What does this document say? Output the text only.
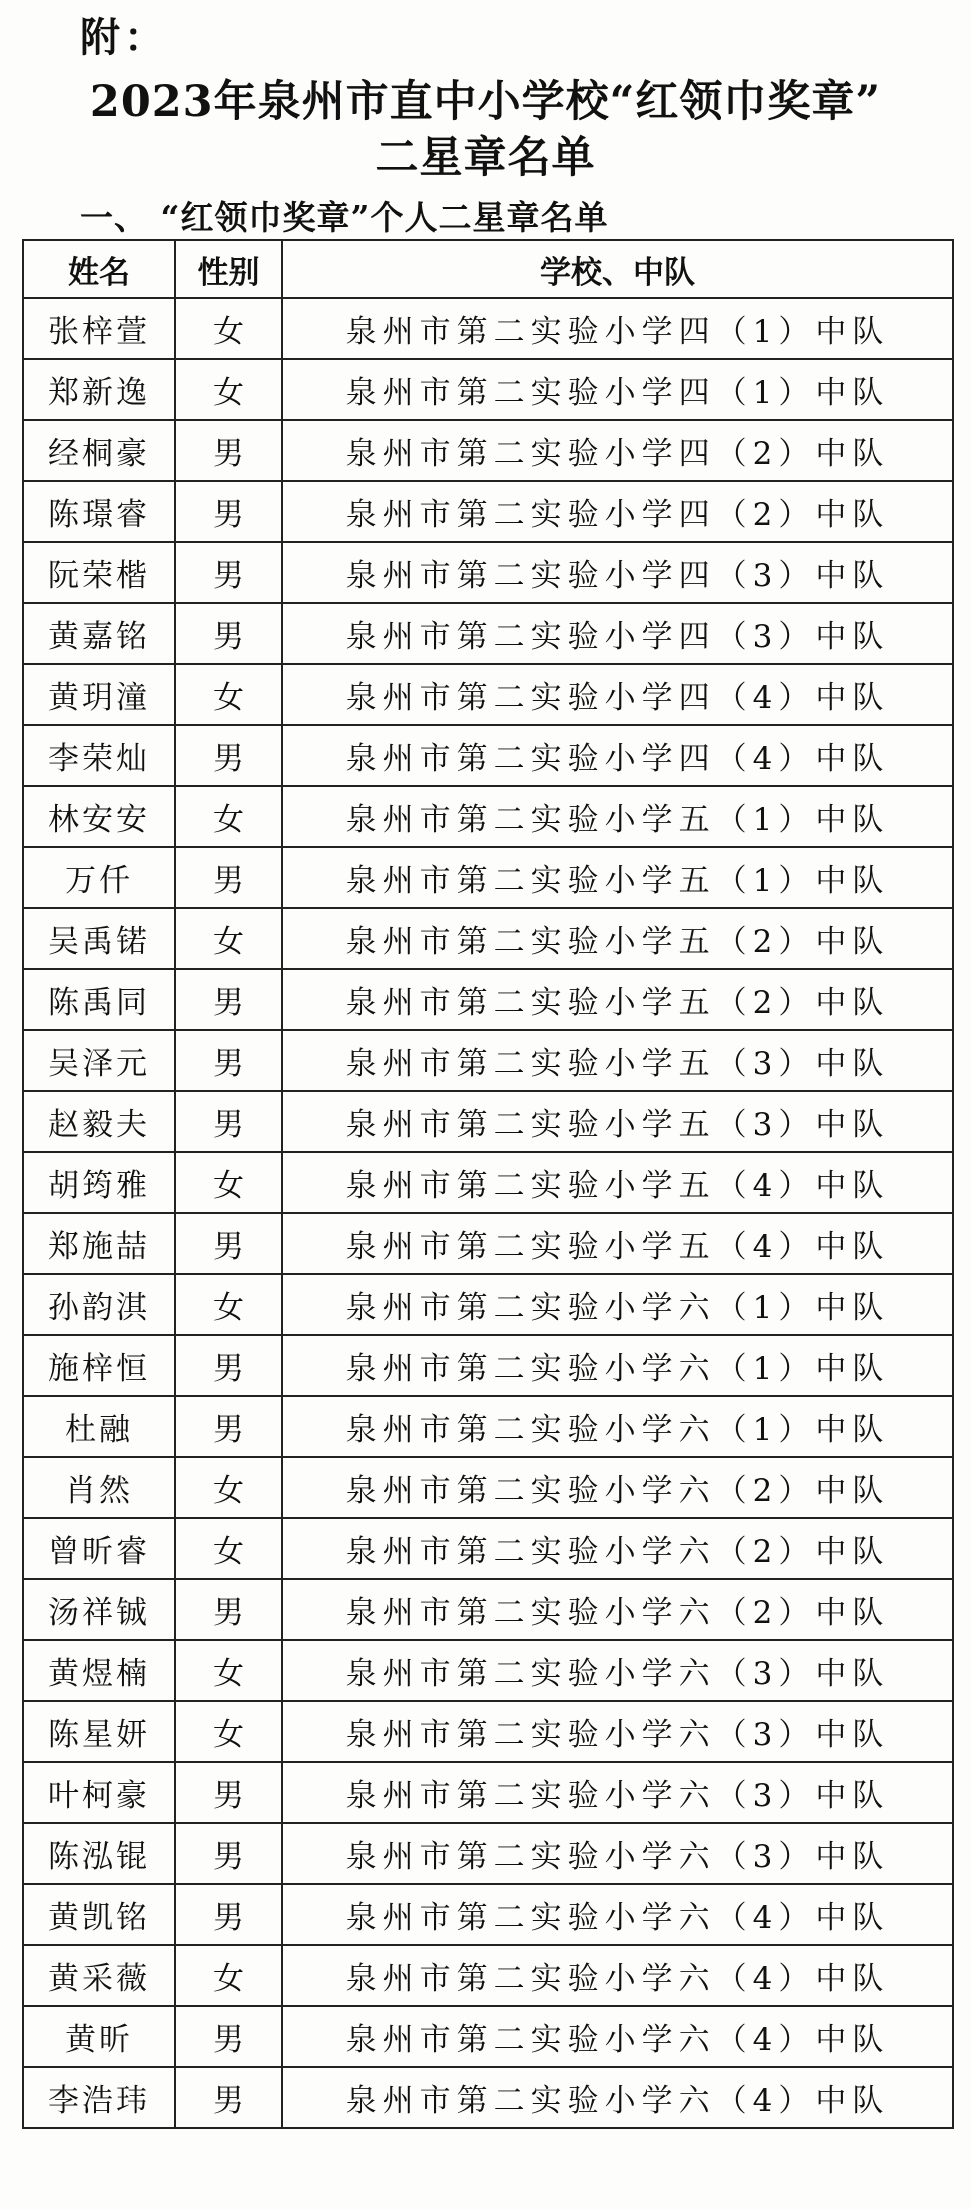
附：
2023年泉州市直中小学校“红领巾奖章”
二星章名单
一、 “红领巾奖章”个人二星章名单
姓名	性别	学校、中队
张梓萱	女	泉州市第二实验小学四（1）中队
郑新逸	女	泉州市第二实验小学四（1）中队
经桐豪	男	泉州市第二实验小学四（2）中队
陈璟睿	男	泉州市第二实验小学四（2）中队
阮荣楷	男	泉州市第二实验小学四（3）中队
黄嘉铭	男	泉州市第二实验小学四（3）中队
黄玥潼	女	泉州市第二实验小学四（4）中队
李荣灿	男	泉州市第二实验小学四（4）中队
林安安	女	泉州市第二实验小学五（1）中队
万仟	男	泉州市第二实验小学五（1）中队
吴禹锘	女	泉州市第二实验小学五（2）中队
陈禹同	男	泉州市第二实验小学五（2）中队
吴泽元	男	泉州市第二实验小学五（3）中队
赵毅夫	男	泉州市第二实验小学五（3）中队
胡筠雅	女	泉州市第二实验小学五（4）中队
郑施喆	男	泉州市第二实验小学五（4）中队
孙韵淇	女	泉州市第二实验小学六（1）中队
施梓恒	男	泉州市第二实验小学六（1）中队
杜融	男	泉州市第二实验小学六（1）中队
肖然	女	泉州市第二实验小学六（2）中队
曾昕睿	女	泉州市第二实验小学六（2）中队
汤祥铖	男	泉州市第二实验小学六（2）中队
黄煜楠	女	泉州市第二实验小学六（3）中队
陈星妍	女	泉州市第二实验小学六（3）中队
叶柯豪	男	泉州市第二实验小学六（3）中队
陈泓锟	男	泉州市第二实验小学六（3）中队
黄凯铭	男	泉州市第二实验小学六（4）中队
黄采薇	女	泉州市第二实验小学六（4）中队
黄昕	男	泉州市第二实验小学六（4）中队
李浩玮	男	泉州市第二实验小学六（4）中队
